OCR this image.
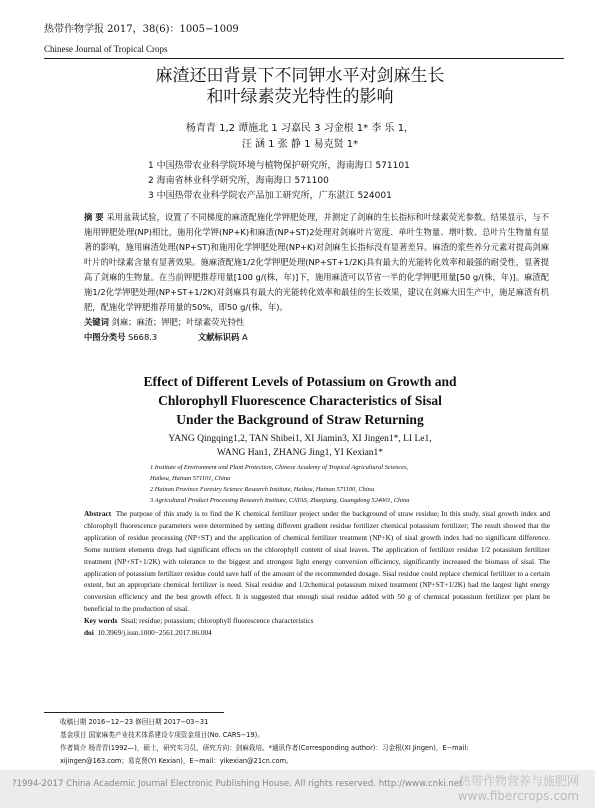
热带作物学报 2017，38(6)：1005−1009
Chinese Journal of Tropical Crops
麻渣还田背景下不同钾水平对剑麻生长
和叶绿素荧光特性的影响
杨青青 1,2 谭施北 1 习嘉民 3 习金根 1* 李 乐 1，
汪 涵 1 张 静 1 易克贤 1*
1 中国热带农业科学院环境与植物保护研究所，海南海口 571101
2 海南省林业科学研究所，海南海口 571100
3 中国热带农业科学院农产品加工研究所，广东湛江 524001
摘 要 采用盆栽试验，设置了不同梯度的麻渣配施化学钾肥处理，并测定了剑麻的生长指标和叶绿素荧光参数。结果显示，与不施用钾肥处理(NP)相比，施用化学钾(NP+K)和麻渣(NP+ST)2处理对剑麻叶片宽度、单叶生物量、增叶数、总叶片生物量有显著的影响，施用麻渣处理(NP+ST)和施用化学钾肥处理(NP+K)对剑麻生长指标没有显著差异。麻渣的浆些养分元素对提高剑麻叶片的叶绿素含量有显著效果。施麻渣配施1/2化学钾肥处理(NP+ST+1/2K)具有最大的光能转化效率和最强的耐受性，显著提高了剑麻的生物量。在当前钾肥推荐用量[100 g/(株，年)]下，施用麻渣可以节省一半的化学钾肥用量[50 g/(株，年)]。麻渣配施1/2化学钾肥处理(NP+ST+1/2K)对剑麻具有最大的光能转化效率和最佳的生长效果，建议在剑麻大田生产中，施足麻渣有机肥，配施化学钾肥推荐用量的50%，即50 g/(株，年)。
关键词 剑麻；麻渣；钾肥；叶绿素荧光特性
中图分类号 S668.3	文献标识码 A
Effect of Different Levels of Potassium on Growth and
Chlorophyll Fluorescence Characteristics of Sisal
Under the Background of Straw Returning
YANG Qingqing1,2, TAN Shibei1, XI Jiamin3, XI Jingen1*, LI Le1,
WANG Han1, ZHANG Jing1, YI Kexian1*
1 Institute of Environment and Plant Protection, Chinese Academy of Tropical Agricultural Sciences,
Haikou, Hainan 571101, China
2 Hainan Province Forestry Science Research Institute, Haikou, Hainan 571100, China
3 Agricultural Product Processing Research Institute, CATAS, Zhanjiang, Guangdong 524001, China
Abstract The purpose of this study is to find the K chemical fertilizer project under the background of straw residue; In this study, sisal growth index and chlorophyll fluorescence parameters were determined by setting different gradient residue fertilizer chemical potassium fertilizer; The result showed that the application of residue processing (NP+ST) and the application of chemical fertilizer treatment (NP+K) of sisal growth index had no significant difference. Some nutrient elements dregs had significant effects on the chlorophyll content of sisal leaves. The application of fertilizer residue 1/2 potassium fertilizer treatment (NP+ST+1/2K) with tolerance to the biggest and strongest light energy conversion efficiency, significantly increased the biomass of sisal. The application of potassium fertilizer residue could save half of the amount of the recommended dosage. Sisal residue could replace chemical fertilizer to a certain extent, but an appropriate chemical fertilizer is need. Sisal residue and 1/2chemical potassium mixed treatment (NP+ST+1/2K) had the largest light energy conversion efficiency and the best growth effect. It is suggested that enough sisal residue added with 50 g of chemical potassium fertilizer per plant be beneficial to the production of sisal.
Key words Sisal; residue; potassium; chlorophyll fluorescence characteristics
doi 10.3969/j.issn.1000−2561.2017.06.004
收稿日期 2016−12−23 修回日期 2017−03−31
基金项目 国家麻类产业技术体系建设专项资金项目(No. CARS−19)。
作者简介 杨青青(1992—)，硕士，研究实习员，研究方向：剑麻栽培。*通讯作者(Corresponding author)：习金根(XI Jingen)，E−mail:
xijingen@163.com；易克贤(YI Kexian)，E−mail：yikexian@21cn.com。
?1994-2017 China Academic Journal Electronic Publishing House. All rights reserved. http://www.cnki.net
热带作物营养与施肥网
www.fibercrops.com
